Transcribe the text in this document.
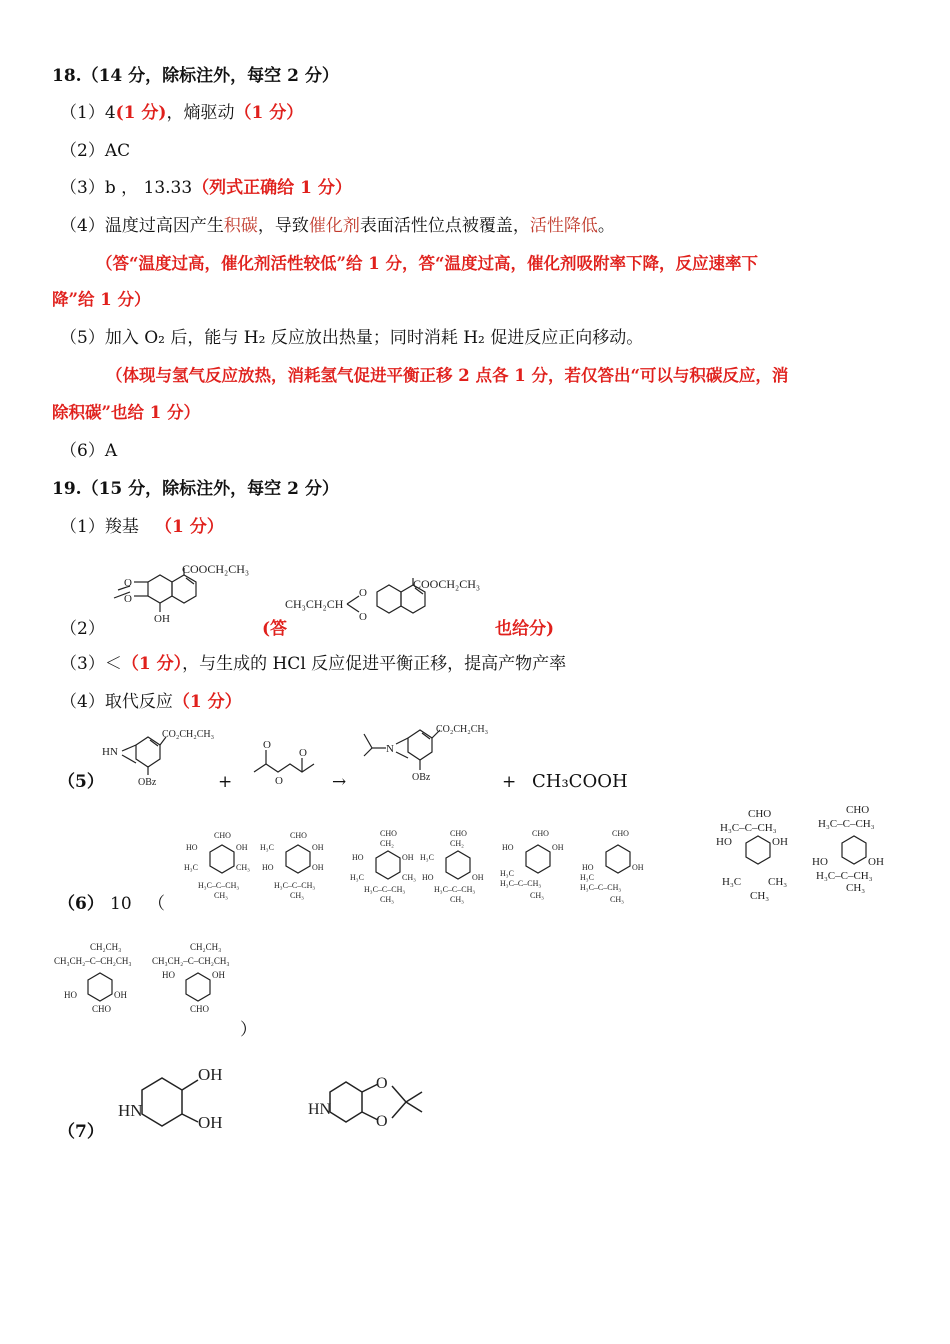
18.（14 分，除标注外，每空 2 分）
（1）4(1 分)，熵驱动（1 分）
（2）AC
（3）b ， 13.33（列式正确给 1 分）
（4）温度过高因产生积碳，导致催化剂表面活性位点被覆盖，活性降低。
（答“温度过高，催化剂活性较低”给 1 分，答“温度过高，催化剂吸附率下降，反应速率下
降”给 1 分）
（5）加入 O₂ 后，能与 H₂ 反应放出热量；同时消耗 H₂ 促进反应正向移动。
（体现与氢气反应放热，消耗氢气促进平衡正移 2 点各 1 分，若仅答出“可以与积碳反应，消
除积碳”也给 1 分）
（6）A
19.（15 分，除标注外，每空 2 分）
（1）羧基 （1 分）
（2）
O
O
COOCH₂CH₃
OH
CH₃CH₂CH
O
O
COOCH₂CH₃
(答	也给分)
（3）＜（1 分），与生成的 HCl 反应促进平衡正移，提高产物产率
（4）取代反应（1 分）
（5）
HN
CO₂CH₂CH₃
OBz	+
O
O
O	→
N
CO₂CH₂CH₃
OBz	+ CH₃COOH
（6） 10 （
CHO
HO	OH
H₃C	CH₃
H₃C–C–CH₃
CH₃
CHO
H₃C	OH
HO	OH
H₃C–C–CH₃
CH₃
CHO
CH₂
HO	OH
H₃C	CH₃
H₃C–C–CH₃
CH₃
CHO
CH₂
H₃C
OH
HO
H₃C–C–CH₃
CH₃
CHO
HO	OH
H₃C
H₃C–C–CH₃
CH₃
CHO
HO	OH
H₃C
H₃C–C–CH₃
CH₃
CHO
H₃C–C–CH₃
HO	OH
H₃C CH₃
CH₃
CHO
H₃C–C–CH₃
HO	OH
H₃C–C–CH₃
CH₃
CH₂CH₃
CH₃CH₂–C–CH₂CH₃
HO	OH
CHO
CH₂CH₃
CH₃CH₂–C–CH₂CH₃
HO	OH
CHO
）
（7）
OH
OH
HN
O
O
HN
